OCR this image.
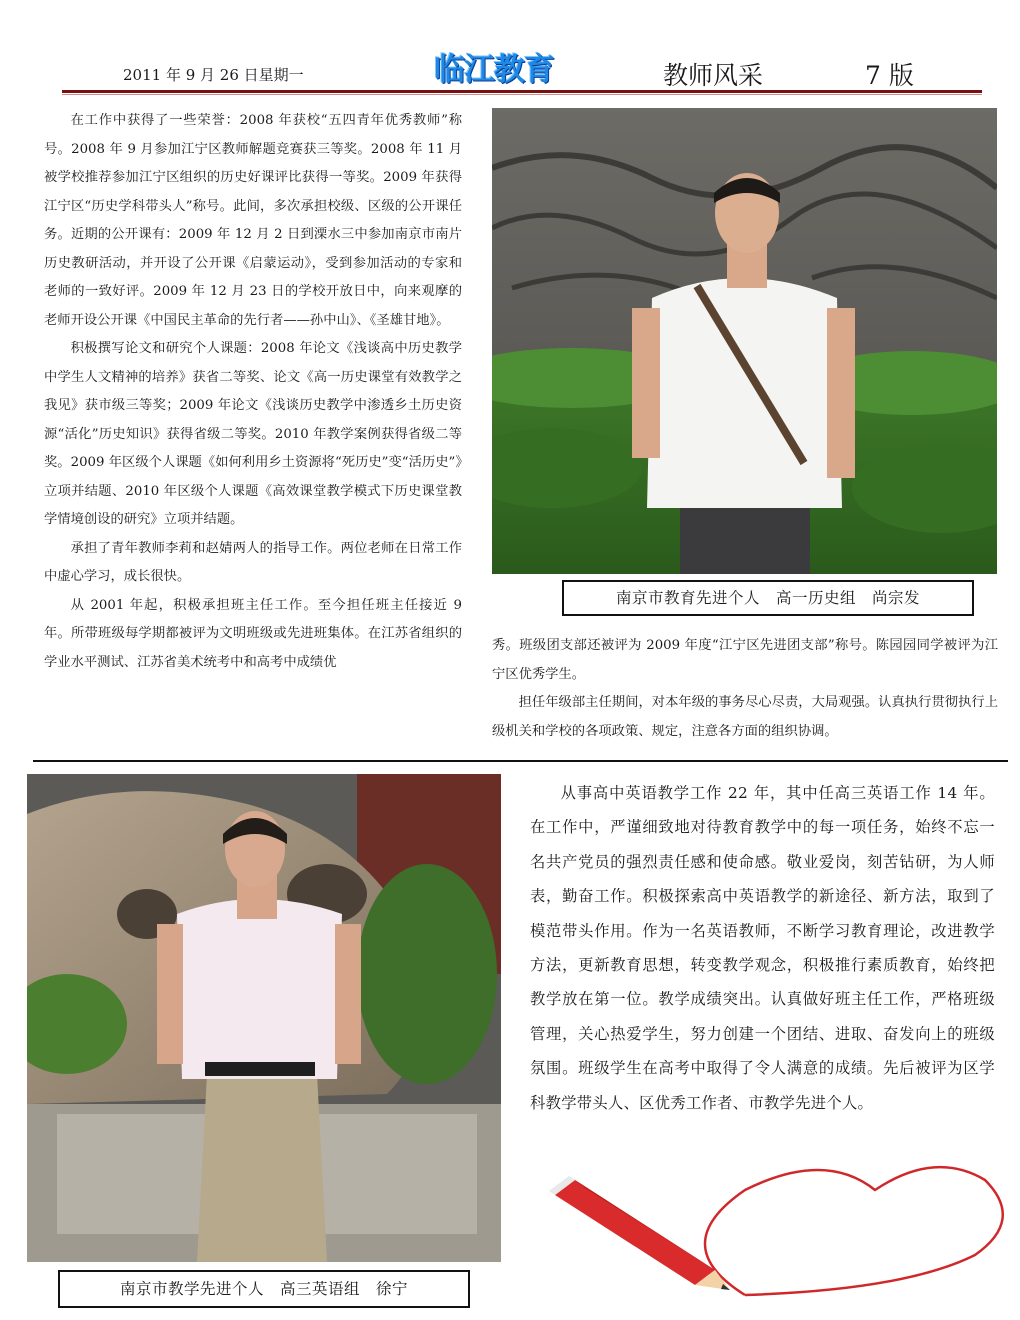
2011 年 9 月 26 日星期一	临江教育	教师风采	7 版

在工作中获得了一些荣誉：2008 年获校“五四青年优秀教师”称号。2008 年 9 月参加江宁区教师解题竞赛获三等奖。2008 年 11 月被学校推荐参加江宁区组织的历史好课评比获得一等奖。2009 年获得江宁区“历史学科带头人”称号。此间，多次承担校级、区级的公开课任务。近期的公开课有：2009 年 12 月 2 日到溧水三中参加南京市南片历史教研活动，并开设了公开课《启蒙运动》，受到参加活动的专家和老师的一致好评。2009 年 12 月 23 日的学校开放日中，向来观摩的老师开设公开课《中国民主革命的先行者——孙中山》、《圣雄甘地》。

积极撰写论文和研究个人课题：2008 年论文《浅谈高中历史教学中学生人文精神的培养》获省二等奖、论文《高一历史课堂有效教学之我见》获市级三等奖；2009 年论文《浅谈历史教学中渗透乡土历史资源“活化”历史知识》获得省级二等奖。2010 年教学案例获得省级二等奖。2009 年区级个人课题《如何利用乡土资源将“死历史”变“活历史”》立项并结题、2010 年区级个人课题《高效课堂教学模式下历史课堂教学情境创设的研究》立项并结题。

承担了青年教师李莉和赵婧两人的指导工作。两位老师在日常工作中虚心学习，成长很快。

从 2001 年起，积极承担班主任工作。至今担任班主任接近 9 年。所带班级每学期都被评为文明班级或先进班集体。在江苏省组织的学业水平测试、江苏省美术统考中和高考中成绩优

南京市教育先进个人　高一历史组　尚宗发

秀。班级团支部还被评为 2009 年度“江宁区先进团支部”称号。陈园园同学被评为江宁区优秀学生。

担任年级部主任期间，对本年级的事务尽心尽责，大局观强。认真执行贯彻执行上级机关和学校的各项政策、规定，注意各方面的组织协调。

南京市教学先进个人　高三英语组　徐宁

从事高中英语教学工作 22 年，其中任高三英语工作 14 年。在工作中，严谨细致地对待教育教学中的每一项任务，始终不忘一名共产党员的强烈责任感和使命感。敬业爱岗，刻苦钻研，为人师表，勤奋工作。积极探索高中英语教学的新途径、新方法，取到了模范带头作用。作为一名英语教师，不断学习教育理论，改进教学方法，更新教育思想，转变教学观念，积极推行素质教育，始终把教学放在第一位。教学成绩突出。认真做好班主任工作，严格班级管理，关心热爱学生，努力创建一个团结、进取、奋发向上的班级氛围。班级学生在高考中取得了令人满意的成绩。先后被评为区学科教学带头人、区优秀工作者、市教学先进个人。
